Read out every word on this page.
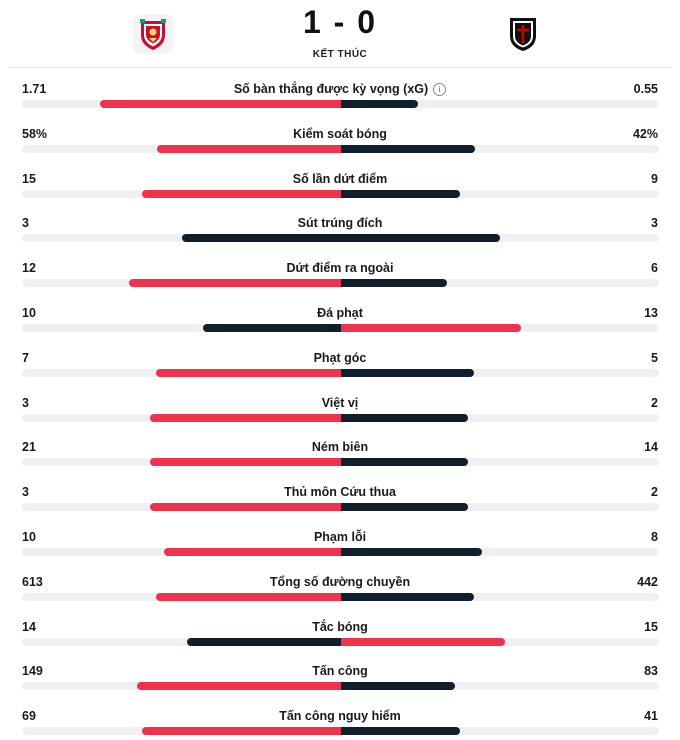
1 - 0
KẾT THÚC
1.71	Số bàn thắng được kỳ vọng (xG) i	0.55
58%	Kiểm soát bóng	42%
15	Số lần dứt điểm	9
3	Sút trúng đích	3
12	Dứt điểm ra ngoài	6
10	Đá phạt	13
7	Phạt góc	5
3	Việt vị	2
21	Ném biên	14
3	Thủ môn Cứu thua	2
10	Phạm lỗi	8
613	Tổng số đường chuyền	442
14	Tắc bóng	15
149	Tấn công	83
69	Tấn công nguy hiểm	41
